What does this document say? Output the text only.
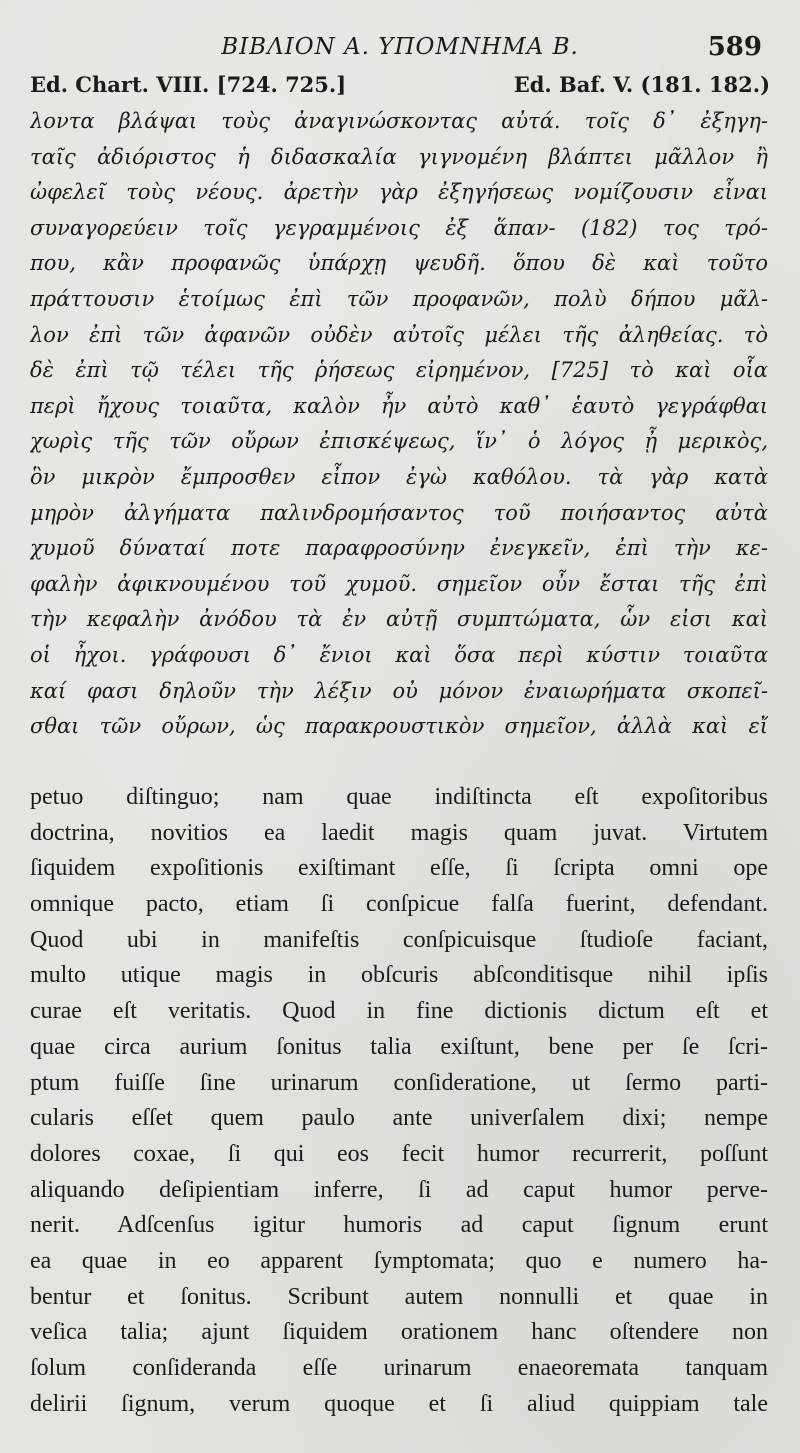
ΒΙΒΛΙΟΝ Α. ΥΠΟΜΝΗΜΑ Β.	589
Ed. Chart. VIII. [724. 725.]	Ed. Baf. V. (181. 182.)
λοντα βλάψαι τοὺς ἀναγινώσκοντας αὐτά. τοῖς δ᾽ ἐξηγη-
ταῖς ἀδιόριστος ἡ διδασκαλία γιγνομένη βλάπτει μᾶλλον ἢ
ὠφελεῖ τοὺς νέους. ἀρετὴν γὰρ ἐξηγήσεως νομίζουσιν εἶναι
συναγορεύειν τοῖς γεγραμμένοις ἐξ ἅπαν- (182) τος τρό-
που, κἂν προφανῶς ὑπάρχῃ ψευδῆ. ὅπου δὲ καὶ τοῦτο
πράττουσιν ἑτοίμως ἐπὶ τῶν προφανῶν, πολὺ δήπου μᾶλ-
λον ἐπὶ τῶν ἀφανῶν οὐδὲν αὐτοῖς μέλει τῆς ἀληθείας. τὸ
δὲ ἐπὶ τῷ τέλει τῆς ῥήσεως εἰρημένον, [725] τὸ καὶ οἷα
περὶ ἤχους τοιαῦτα, καλὸν ἦν αὐτὸ καθ᾽ ἑαυτὸ γεγράφθαι
χωρὶς τῆς τῶν οὔρων ἐπισκέψεως, ἵν᾽ ὁ λόγος ᾖ μερικὸς,
ὃν μικρὸν ἔμπροσθεν εἶπον ἐγὼ καθόλου. τὰ γὰρ κατὰ
μηρὸν ἀλγήματα παλινδρομήσαντος τοῦ ποιήσαντος αὐτὰ
χυμοῦ δύναταί ποτε παραφροσύνην ἐνεγκεῖν, ἐπὶ τὴν κε-
φαλὴν ἀφικνουμένου τοῦ χυμοῦ. σημεῖον οὖν ἔσται τῆς ἐπὶ
τὴν κεφαλὴν ἀνόδου τὰ ἐν αὐτῇ συμπτώματα, ὧν εἰσι καὶ
οἱ ἦχοι. γράφουσι δ᾽ ἔνιοι καὶ ὅσα περὶ κύστιν τοιαῦτα
καί φασι δηλοῦν τὴν λέξιν οὐ μόνον ἐναιωρήματα σκοπεῖ-
σθαι τῶν οὔρων, ὡς παρακρουστικὸν σημεῖον, ἀλλὰ καὶ εἴ
petuo diſtinguo; nam quae indiſtincta eſt expoſitoribus
doctrina, novitios ea laedit magis quam juvat. Virtutem
ſiquidem expoſitionis exiſtimant eſſe, ſi ſcripta omni ope
omnique pacto, etiam ſi conſpicue falſa fuerint, defendant.
Quod ubi in manifeſtis conſpicuisque ſtudioſe faciant,
multo utique magis in obſcuris abſconditisque nihil ipſis
curae eſt veritatis. Quod in fine dictionis dictum eſt et
quae circa aurium ſonitus talia exiſtunt, bene per ſe ſcri-
ptum fuiſſe ſine urinarum conſideratione, ut ſermo parti-
cularis eſſet quem paulo ante univerſalem dixi; nempe
dolores coxae, ſi qui eos fecit humor recurrerit, poſſunt
aliquando deſipientiam inferre, ſi ad caput humor perve-
nerit. Adſcenſus igitur humoris ad caput ſignum erunt
ea quae in eo apparent ſymptomata; quo e numero ha-
bentur et ſonitus. Scribunt autem nonnulli et quae in
veſica talia; ajunt ſiquidem orationem hanc oſtendere non
ſolum conſideranda eſſe urinarum enaeoremata tanquam
delirii ſignum, verum quoque et ſi aliud quippiam tale
